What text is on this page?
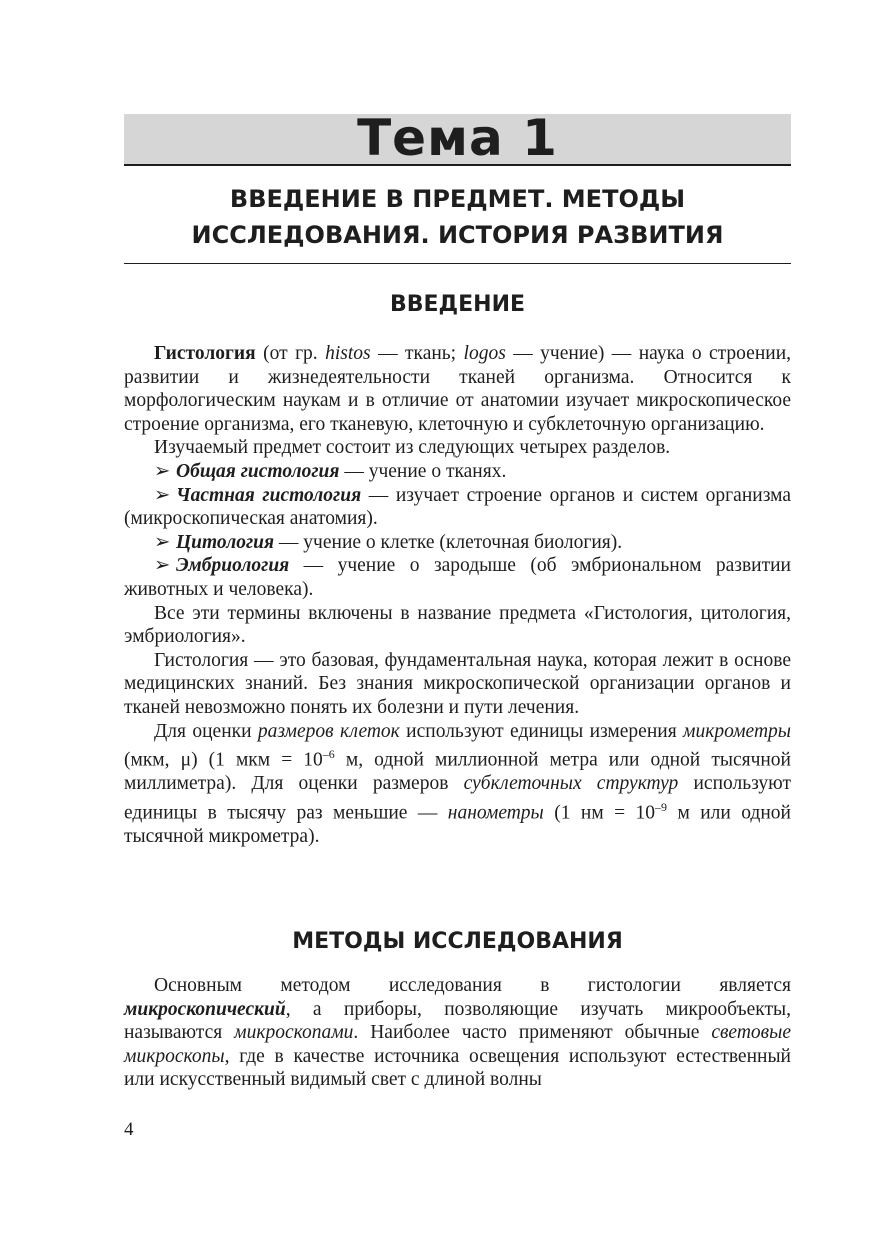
Тема 1
ВВЕДЕНИЕ В ПРЕДМЕТ. МЕТОДЫ
ИССЛЕДОВАНИЯ. ИСТОРИЯ РАЗВИТИЯ
ВВЕДЕНИЕ

Гистология (от гр. histos — ткань; logos — учение) — наука о строении, развитии и жизнедеятельности тканей организма. Относится к морфологическим наукам и в отличие от анатомии изучает микроскопическое строение организма, его тканевую, клеточную и субклеточную организацию.

Изучаемый предмет состоит из следующих четырех разделов.

➢ Общая гистология — учение о тканях.

➢ Частная гистология — изучает строение органов и систем организма (микроскопическая анатомия).

➢ Цитология — учение о клетке (клеточная биология).

➢ Эмбриология — учение о зародыше (об эмбриональном развитии животных и человека).

Все эти термины включены в название предмета «Гистология, цитология, эмбриология».

Гистология — это базовая, фундаментальная наука, которая лежит в основе медицинских знаний. Без знания микроскопической организации органов и тканей невозможно понять их болезни и пути лечения.

Для оценки размеров клеток используют единицы измерения микрометры (мкм, μ) (1 мкм = $10^{-6}$ м, одной миллионной метра или одной тысячной миллиметра). Для оценки размеров субклеточных структур используют единицы в тысячу раз меньшие — нанометры (1 нм = $10^{-9}$ м или одной тысячной микрометра).

МЕТОДЫ ИССЛЕДОВАНИЯ

Основным методом исследования в гистологии является микроскопический, а приборы, позволяющие изучать микрообъекты, называются микроскопами. Наиболее часто применяют обычные световые микроскопы, где в качестве источника освещения используют естественный или искусственный видимый свет с длиной волны

4
